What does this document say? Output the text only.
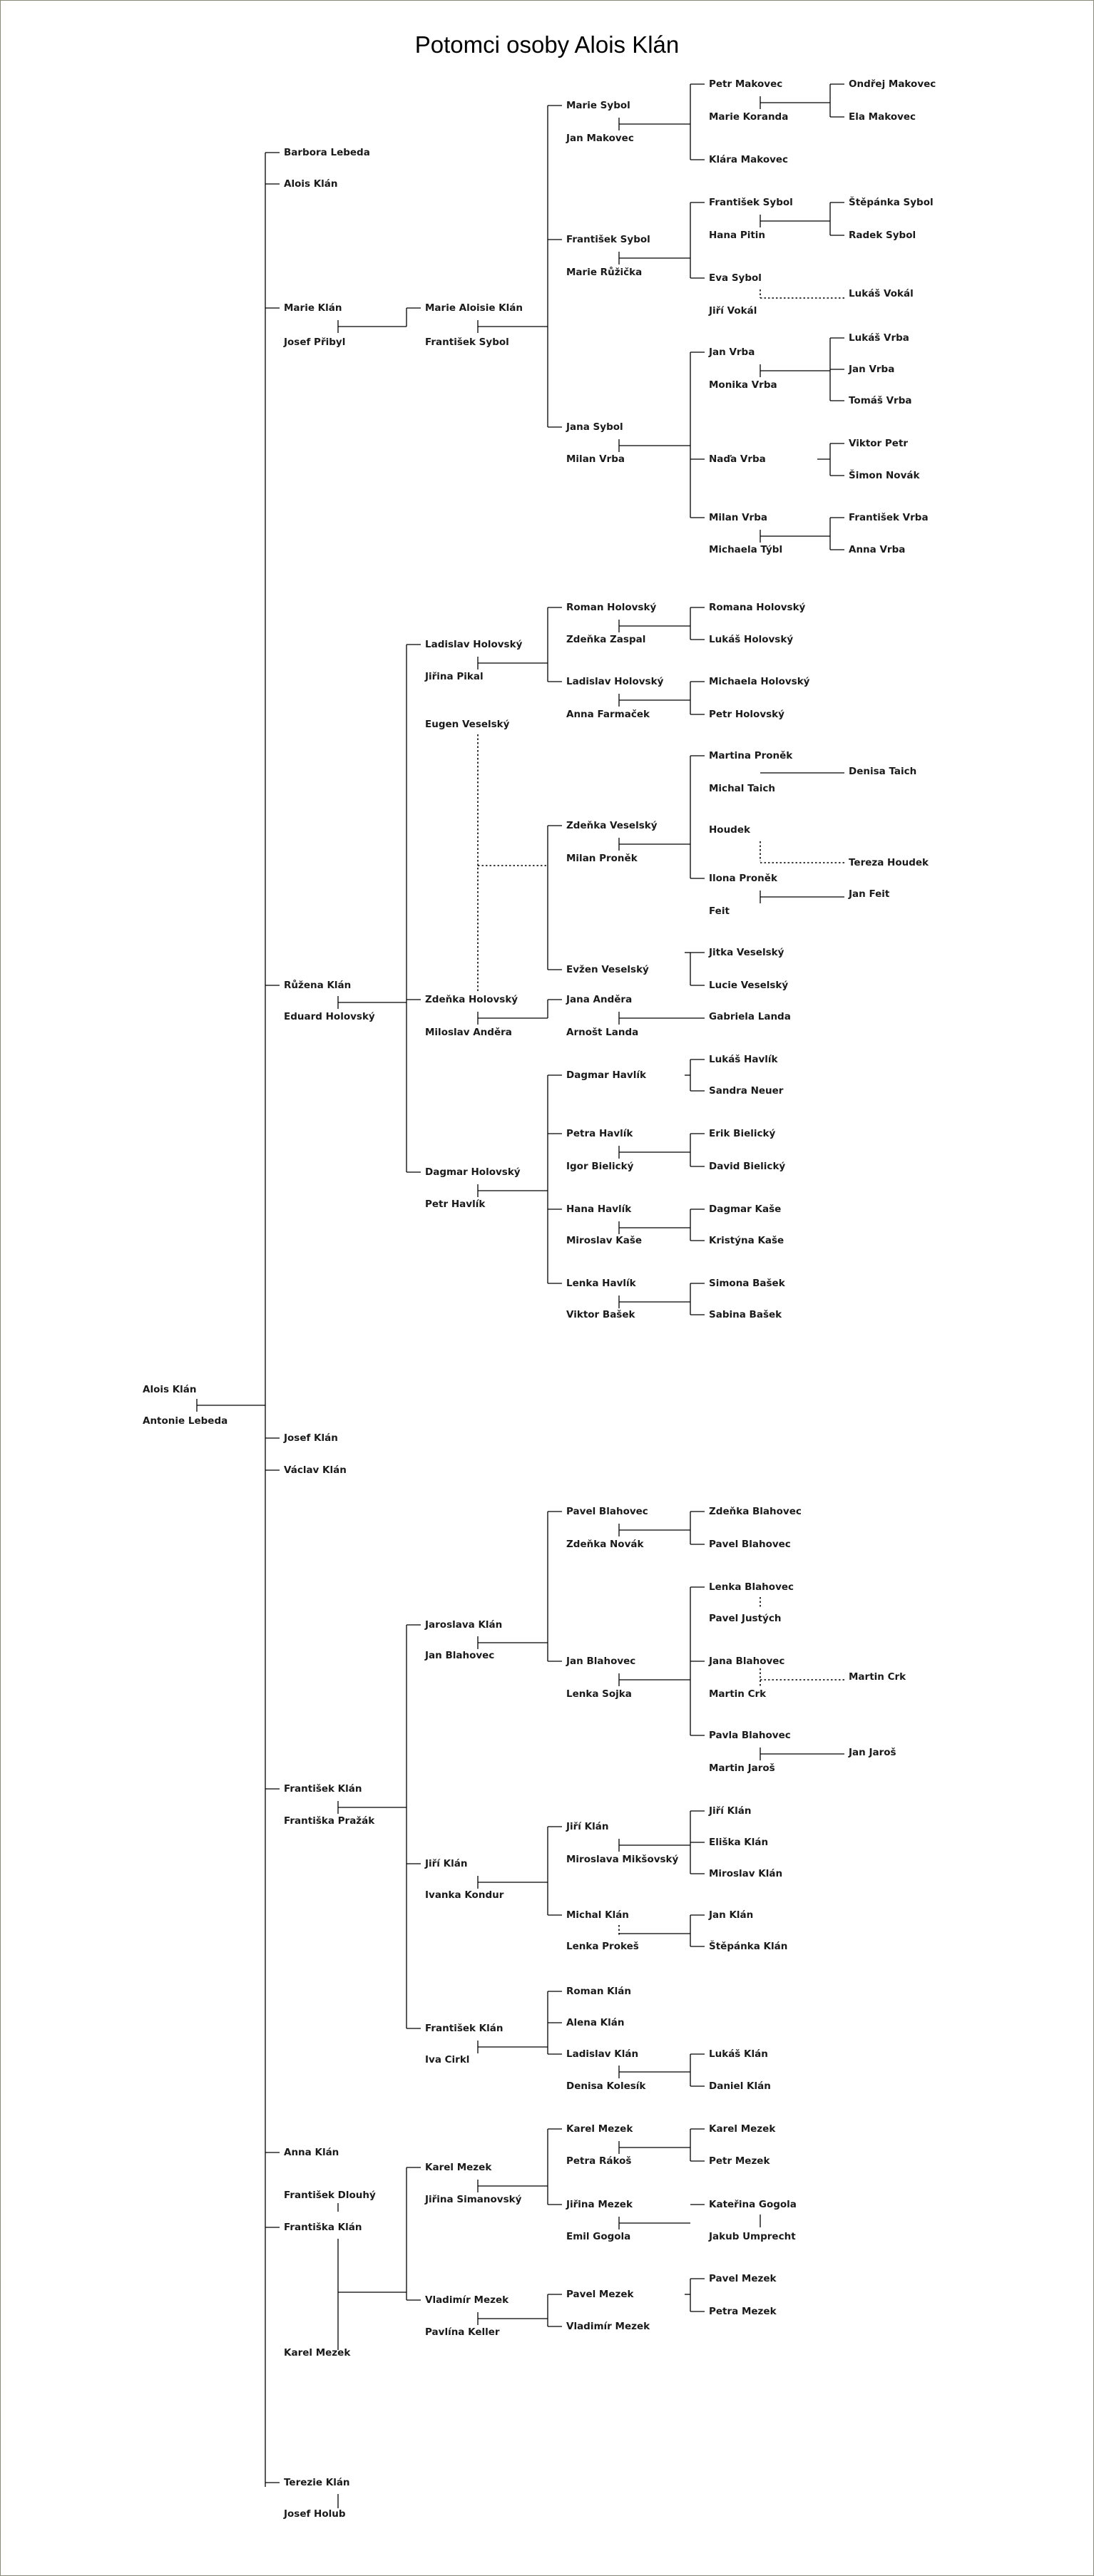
Potomci osoby Alois Klán
Alois Klán
Antonie Lebeda
Barbora Lebeda
Alois Klán
Marie Klán
Josef Přibyl
Marie Aloisie Klán
František Sybol
Marie Sybol
Jan Makovec
Petr Makovec
Marie Koranda
Ondřej Makovec
Ela Makovec
Klára Makovec
František Sybol
Marie Růžička
František Sybol
Hana Pitin
Štěpánka Sybol
Radek Sybol
Eva Sybol
Jiří Vokál
Lukáš Vokál
Jana Sybol
Milan Vrba
Jan Vrba
Monika Vrba
Lukáš Vrba
Jan Vrba
Tomáš Vrba
Naďa Vrba
Viktor Petr
Šimon Novák
Milan Vrba
Michaela Týbl
František Vrba
Anna Vrba
Růžena Klán
Eduard Holovský
Ladislav Holovský
Jiřina Pikal
Roman Holovský
Zdeňka Zaspal
Romana Holovský
Lukáš Holovský
Ladislav Holovský
Anna Farmaček
Michaela Holovský
Petr Holovský
Eugen Veselský
Zdeňka Holovský
Miloslav Anděra
Zdeňka Veselský
Milan Proněk
Martina Proněk
Michal Taich
Denisa Taich
Houdek
Ilona Proněk
Tereza Houdek
Feit
Jan Feit
Evžen Veselský
Jitka Veselský
Lucie Veselský
Jana Anděra
Arnošt Landa
Gabriela Landa
Dagmar Holovský
Petr Havlík
Dagmar Havlík
Lukáš Havlík
Sandra Neuer
Petra Havlík
Igor Bielický
Erik Bielický
David Bielický
Hana Havlík
Miroslav Kaše
Dagmar Kaše
Kristýna Kaše
Lenka Havlík
Viktor Bašek
Simona Bašek
Sabina Bašek
Josef Klán
Václav Klán
František Klán
Františka Pražák
Jaroslava Klán
Jan Blahovec
Pavel Blahovec
Zdeňka Novák
Zdeňka Blahovec
Pavel Blahovec
Jan Blahovec
Lenka Sojka
Lenka Blahovec
Pavel Justých
Jana Blahovec
Martin Crk
Martin Crk
Pavla Blahovec
Martin Jaroš
Jan Jaroš
Jiří Klán
Ivanka Kondur
Jiří Klán
Miroslava Mikšovský
Jiří Klán
Eliška Klán
Miroslav Klán
Michal Klán
Lenka Prokeš
Jan Klán
Štěpánka Klán
František Klán
Iva Cirkl
Roman Klán
Alena Klán
Ladislav Klán
Denisa Kolesík
Lukáš Klán
Daniel Klán
Anna Klán
František Dlouhý
Františka Klán
Karel Mezek
Karel Mezek
Jiřina Simanovský
Karel Mezek
Petra Rákoš
Karel Mezek
Petr Mezek
Jiřina Mezek
Emil Gogola
Kateřina Gogola
Jakub Umprecht
Vladimír Mezek
Pavlína Keller
Pavel Mezek
Vladimír Mezek
Pavel Mezek
Petra Mezek
Terezie Klán
Josef Holub
